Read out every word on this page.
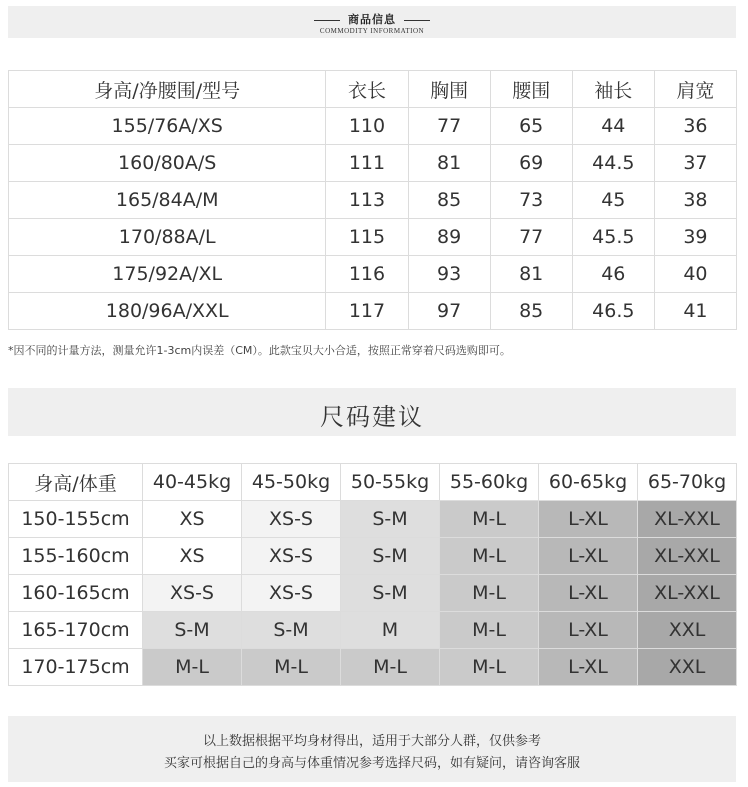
商品信息
COMMODITY INFORMATION
身高/净腰围/型号	衣长	胸围	腰围	袖长	肩宽
155/76A/XS	110	77	65	44	36
160/80A/S	111	81	69	44.5	37
165/84A/M	113	85	73	45	38
170/88A/L	115	89	77	45.5	39
175/92A/XL	116	93	81	46	40
180/96A/XXL	117	97	85	46.5	41
*因不同的计量方法，测量允许1-3cm内误差（CM）。此款宝贝大小合适，按照正常穿着尺码选购即可。
尺码建议
身高/体重	40-45kg	45-50kg	50-55kg	55-60kg	60-65kg	65-70kg
150-155cm	XS	XS-S	S-M	M-L	L-XL	XL-XXL
155-160cm	XS	XS-S	S-M	M-L	L-XL	XL-XXL
160-165cm	XS-S	XS-S	S-M	M-L	L-XL	XL-XXL
165-170cm	S-M	S-M	M	M-L	L-XL	XXL
170-175cm	M-L	M-L	M-L	M-L	L-XL	XXL

以上数据根据平均身材得出，适用于大部分人群，仅供参考

买家可根据自己的身高与体重情况参考选择尺码，如有疑问，请咨询客服
